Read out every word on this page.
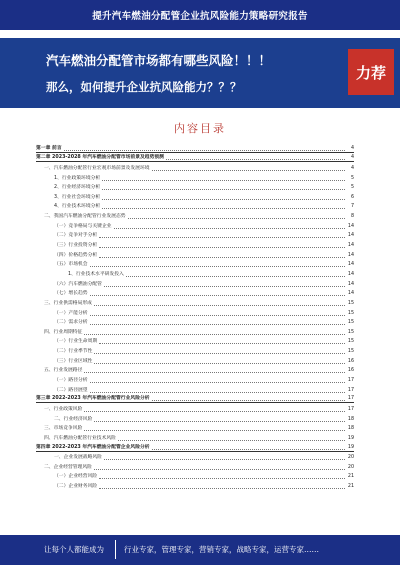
提升汽车燃油分配管企业抗风险能力策略研究报告
汽车燃油分配管市场都有哪些风险！！！
那么，如何提升企业抗风险能力？？？
力荐
内容目录
第一章 前言	4
第二章 2023-2028 年汽车燃油分配管市场前景及趋势预测	4
一、汽车燃油分配管行业宏观市场前景及发展环境	4
1、行业政策环境分析	5
2、行业经济环境分析	5
3、行业社会环境分析	6
4、行业技术环境分析	7
二、我国汽车燃油分配管行业发展态势	8
（一）竞争格局与关键企业	14
（二）竞争对手分析	14
（三）行业投资分析	14
（四）价格趋势分析	14
（五）市场机会	14
1、行业技术水平研发投入	14
（六）汽车燃油分配管	14
（七）增长趋势	14
三、行业供需格局形成	15
（一）产能分析	15
（二）需求分析	15
四、行业周期特征	15
（一）行业生命周期	15
（二）行业季节性	15
（三）行业区域性	16
五、行业发展路径	16
（一）路径分析	17
（二）路径展望	17
第三章 2022-2023 年汽车燃油分配管行业风险分析	17
一、行业政策风险	17
二、行业经济风险	18
三、市场竞争风险	18
四、汽车燃油分配管行业技术风险	19
第四章 2022-2023 年汽车燃油分配管企业风险分析	19
一、企业发展战略风险	20
二、企业经营管理风险	20
（一）企业经营风险	21
（二）企业财务风险	21
让每个人都能成为	行业专家，管理专家，营销专家，战略专家，运营专家……
